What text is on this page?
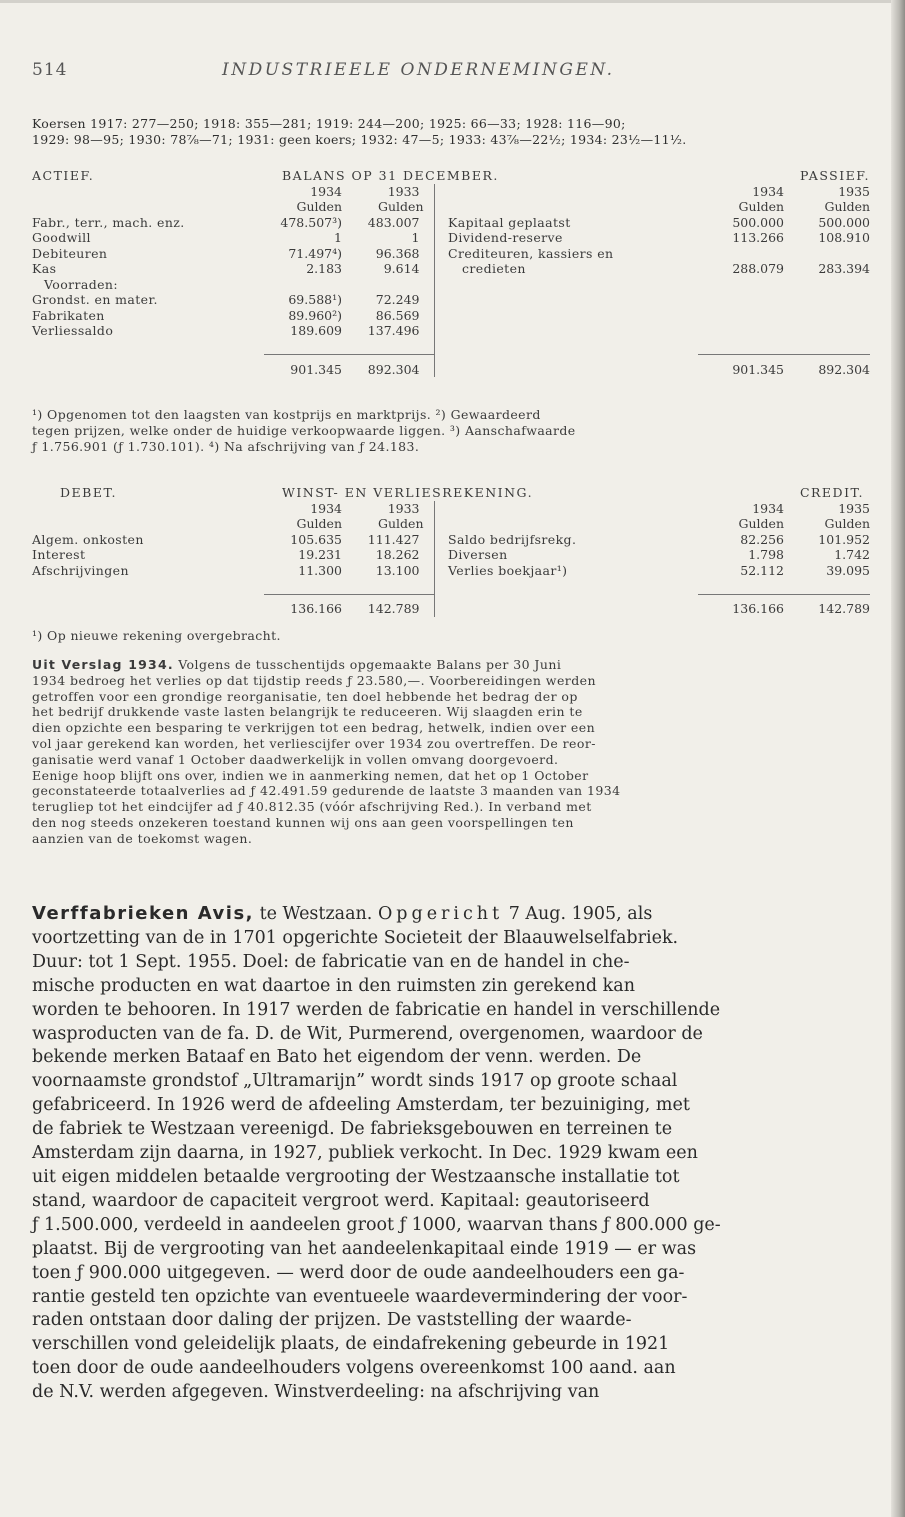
514	INDUSTRIEELE ONDERNEMINGEN.
Koersen 1917: 277—250; 1918: 355—281; 1919: 244—200; 1925: 66—33; 1928: 116—90;
1929: 98—95; 1930: 78⅞—71; 1931: geen koers; 1932: 47—5; 1933: 43⅞—22½; 1934: 23½—11½.
ACTIEF.	BALANS OP 31 DECEMBER.					PASSIEF.
	1934	1933			1934	1935
	Gulden	Gulden			Gulden	Gulden
Fabr., terr., mach. enz.	478.507³)	483.007		Kapitaal geplaatst	500.000	500.000
Goodwill	1	1		Dividend-reserve	113.266	108.910
Debiteuren	71.497⁴)	96.368		Crediteuren, kassiers en		
Kas	2.183	9.614		credieten	288.079	283.394
Voorraden:						
Grondst. en mater.	69.588¹)	72.249				
Fabrikaten	89.960²)	86.569				
Verliessaldo	189.609	137.496				

	901.345	892.304			901.345	892.304
¹) Opgenomen tot den laagsten van kostprijs en marktprijs. ²) Gewaardeerd
tegen prijzen, welke onder de huidige verkoopwaarde liggen. ³) Aanschafwaarde
ƒ 1.756.901 (ƒ 1.730.101). ⁴) Na afschrijving van ƒ 24.183.
DEBET.	WINST- EN VERLIESREKENING.					CREDIT.
	1934	1933			1934	1935
	Gulden	Gulden			Gulden	Gulden
Algem. onkosten	105.635	111.427		Saldo bedrijfsrekg.	82.256	101.952
Interest	19.231	18.262		Diversen	1.798	1.742
Afschrijvingen	11.300	13.100		Verlies boekjaar¹)	52.112	39.095

	136.166	142.789			136.166	142.789
¹) Op nieuwe rekening overgebracht.
Uit Verslag 1934. Volgens de tusschentijds opgemaakte Balans per 30 Juni
1934 bedroeg het verlies op dat tijdstip reeds ƒ 23.580,—. Voorbereidingen werden
getroffen voor een grondige reorganisatie, ten doel hebbende het bedrag der op
het bedrijf drukkende vaste lasten belangrijk te reduceeren. Wij slaagden erin te
dien opzichte een besparing te verkrijgen tot een bedrag, hetwelk, indien over een
vol jaar gerekend kan worden, het verliescijfer over 1934 zou overtreffen. De reor-
ganisatie werd vanaf 1 October daadwerkelijk in vollen omvang doorgevoerd.
Eenige hoop blijft ons over, indien we in aanmerking nemen, dat het op 1 October
geconstateerde totaalverlies ad ƒ 42.491.59 gedurende de laatste 3 maanden van 1934
terugliep tot het eindcijfer ad ƒ 40.812.35 (vóór afschrijving Red.). In verband met
den nog steeds onzekeren toestand kunnen wij ons aan geen voorspellingen ten
aanzien van de toekomst wagen.
Verffabrieken Avis, te Westzaan. Opgericht 7 Aug. 1905, als
voortzetting van de in 1701 opgerichte Societeit der Blaauwelselfabriek.
Duur: tot 1 Sept. 1955. Doel: de fabricatie van en de handel in che-
mische producten en wat daartoe in den ruimsten zin gerekend kan
worden te behooren. In 1917 werden de fabricatie en handel in verschillende
wasproducten van de fa. D. de Wit, Purmerend, overgenomen, waardoor de
bekende merken Bataaf en Bato het eigendom der venn. werden. De
voornaamste grondstof „Ultramarijn” wordt sinds 1917 op groote schaal
gefabriceerd. In 1926 werd de afdeeling Amsterdam, ter bezuiniging, met
de fabriek te Westzaan vereenigd. De fabrieksgebouwen en terreinen te
Amsterdam zijn daarna, in 1927, publiek verkocht. In Dec. 1929 kwam een
uit eigen middelen betaalde vergrooting der Westzaansche installatie tot
stand, waardoor de capaciteit vergroot werd. Kapitaal: geautoriseerd
ƒ 1.500.000, verdeeld in aandeelen groot ƒ 1000, waarvan thans ƒ 800.000 ge-
plaatst. Bij de vergrooting van het aandeelenkapitaal einde 1919 — er was
toen ƒ 900.000 uitgegeven. — werd door de oude aandeelhouders een ga-
rantie gesteld ten opzichte van eventueele waardevermindering der voor-
raden ontstaan door daling der prijzen. De vaststelling der waarde-
verschillen vond geleidelijk plaats, de eindafrekening gebeurde in 1921
toen door de oude aandeelhouders volgens overeenkomst 100 aand. aan
de N.V. werden afgegeven. Winstverdeeling: na afschrijving van
